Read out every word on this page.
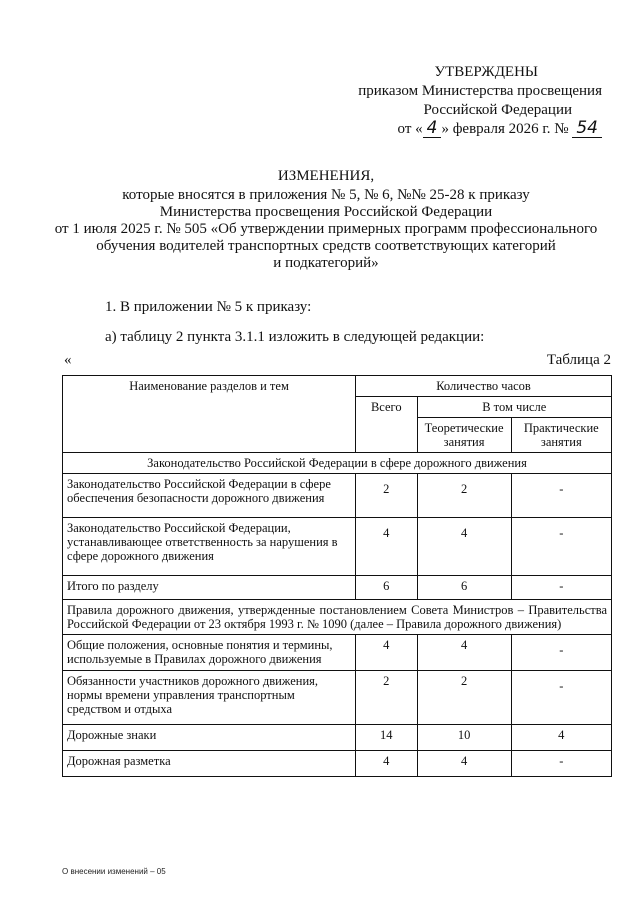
УТВЕРЖДЕНЫ
приказом Министерства просвещения
Российской Федерации
от « 4 » февраля 2026 г. № 54
ИЗМЕНЕНИЯ,
которые вносятся в приложения № 5, № 6, №№ 25-28 к приказу
Министерства просвещения Российской Федерации
от 1 июля 2025 г. № 505 «Об утверждении примерных программ профессионального
обучения водителей транспортных средств соответствующих категорий
и подкатегорий»
1. В приложении № 5 к приказу:
а) таблицу 2 пункта 3.1.1 изложить в следующей редакции:
«	Таблица 2
Наименование разделов и тем	Количество часов		
	Всего	В том числе	
		Теоретические занятия	Практические занятия
Законодательство Российской Федерации в сфере дорожного движения			
Законодательство Российской Федерации в сфере обеспечения безопасности дорожного движения	2	2	-
Законодательство Российской Федерации, устанавливающее ответственность за нарушения в сфере дорожного движения	4	4	-
Итого по разделу	6	6	-
Правила дорожного движения, утвержденные постановлением Совета Министров – Правительства Российской Федерации от 23 октября 1993 г. № 1090 (далее – Правила дорожного движения)			
Общие положения, основные понятия и термины, используемые в Правилах дорожного движения	4	4	-
Обязанности участников дорожного движения, нормы времени управления транспортным средством и отдыха	2	2	-
Дорожные знаки	14	10	4
Дорожная разметка	4	4	-
О внесении изменений – 05
